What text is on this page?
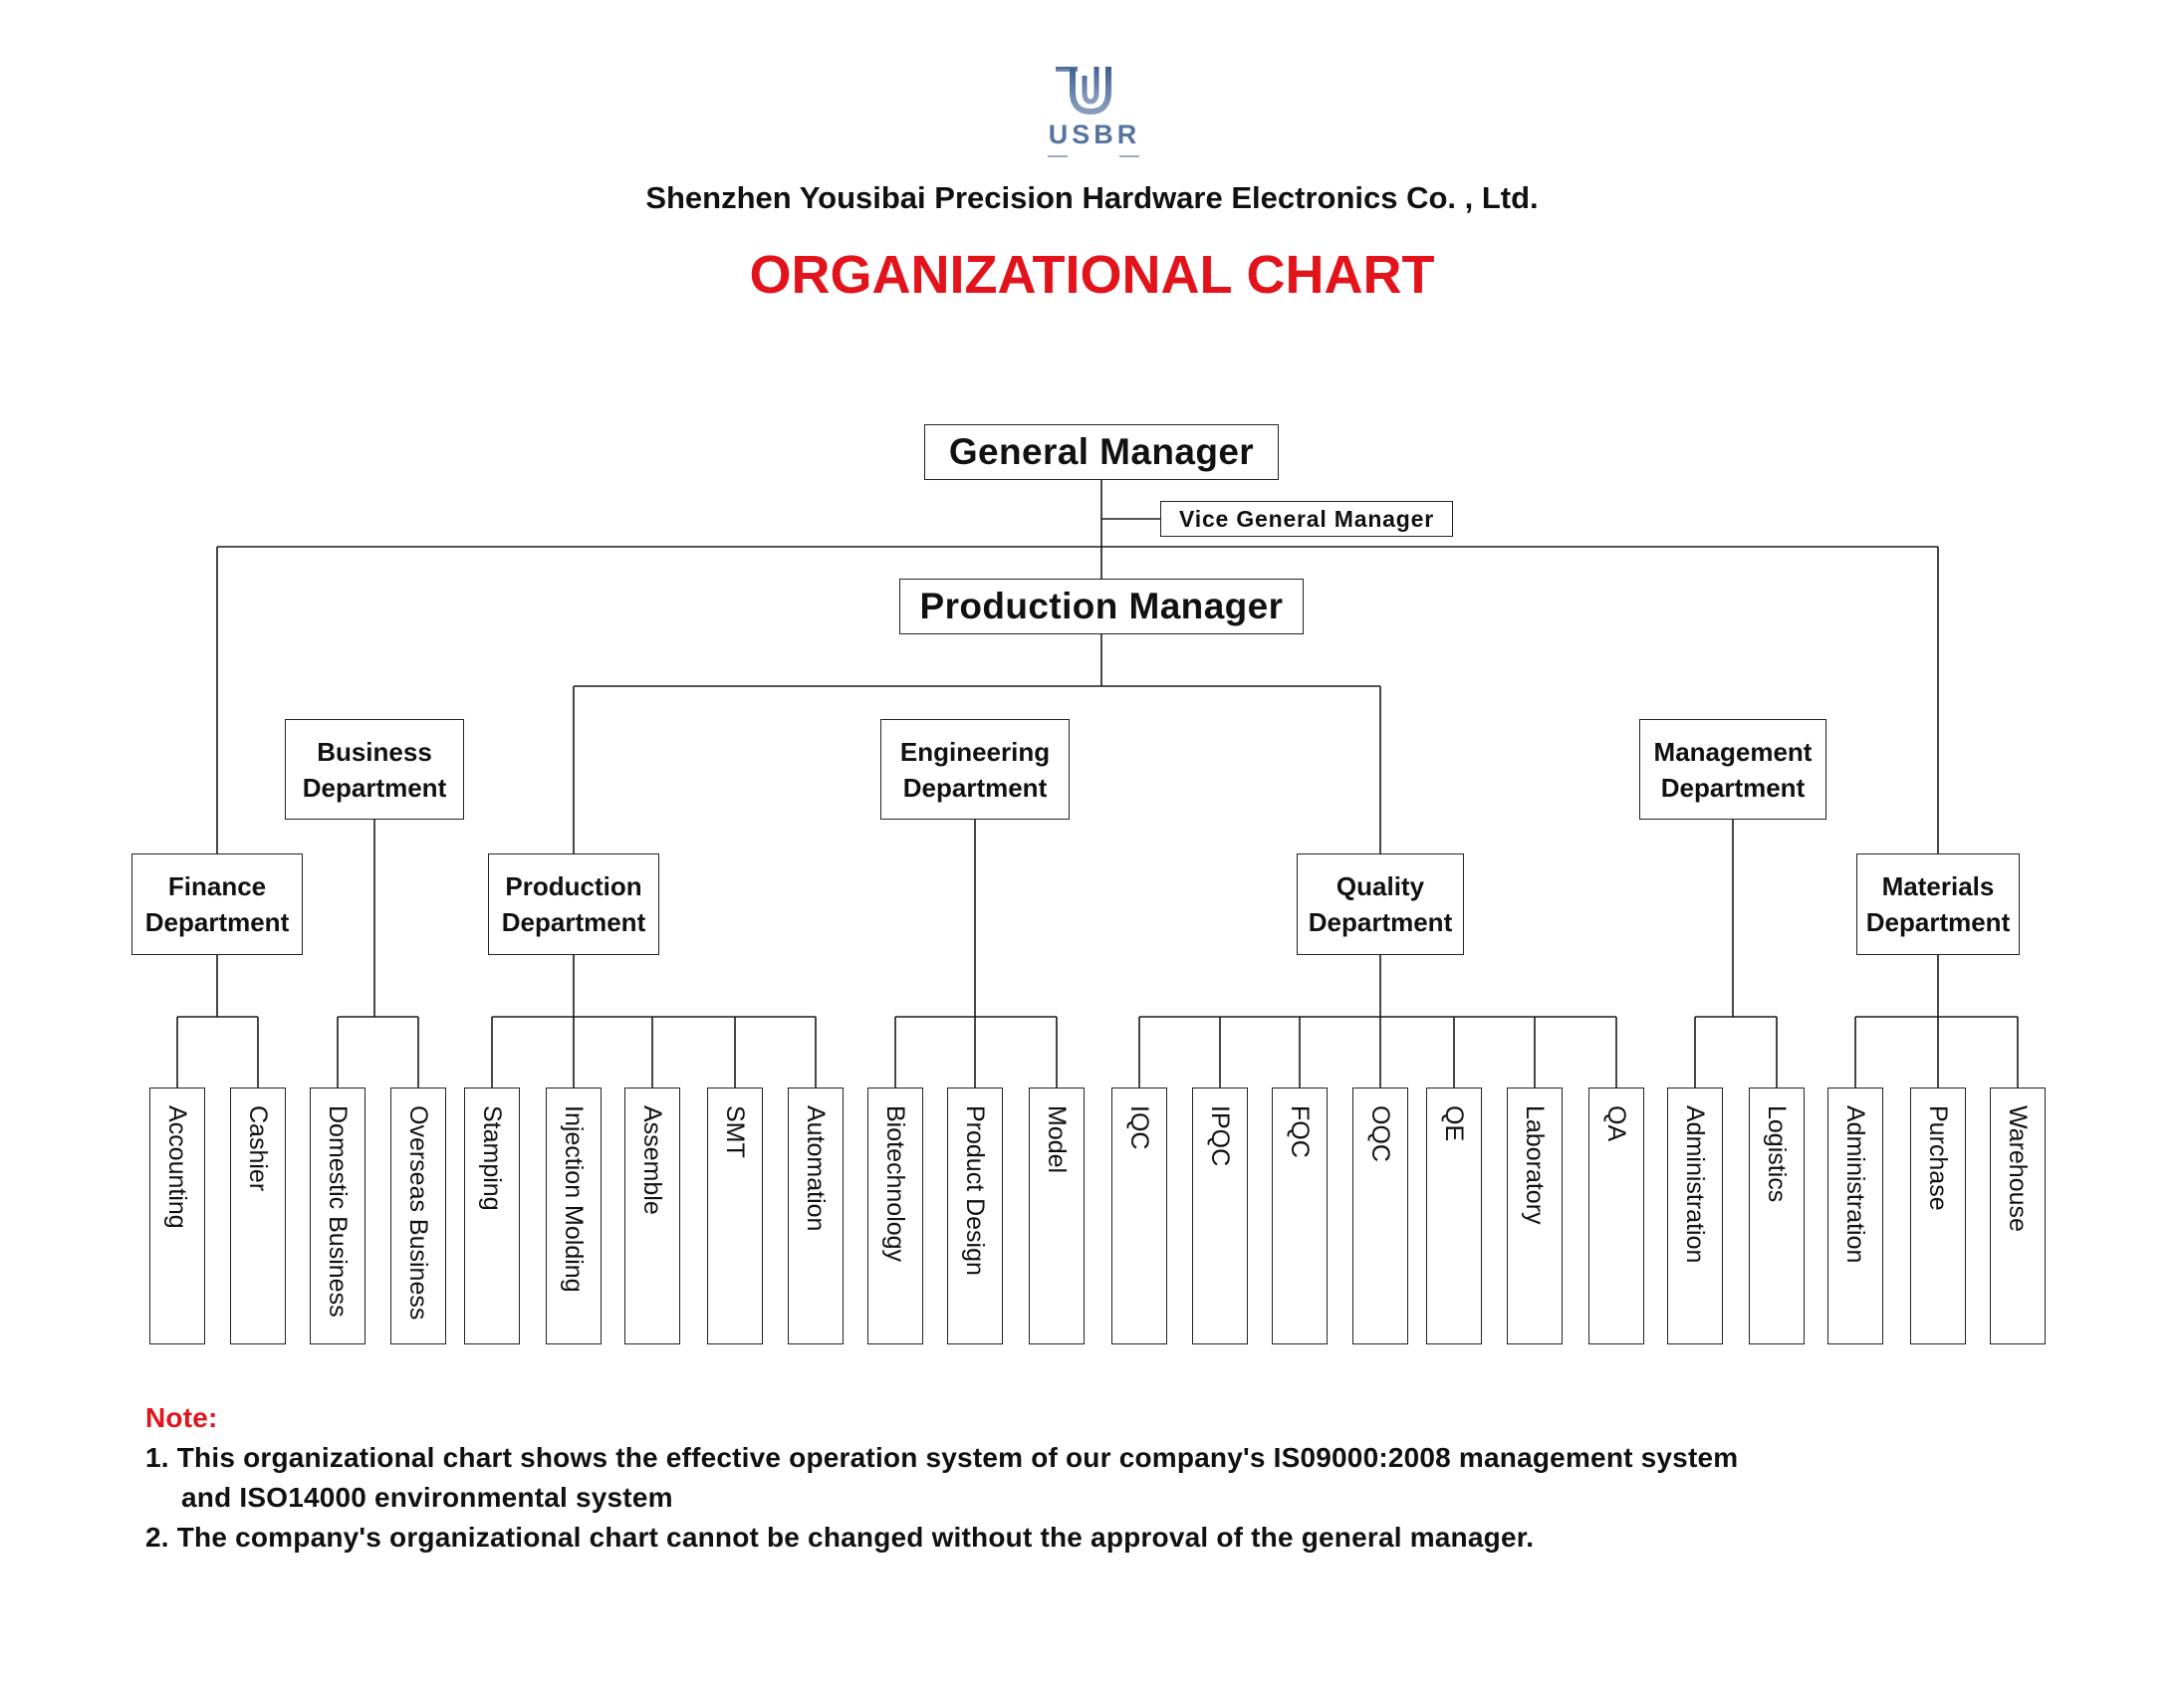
USBR
Shenzhen Yousibai Precision Hardware Electronics Co. , Ltd.
ORGANIZATIONAL CHART
General Manager
Vice General Manager
Production Manager
Finance Department
Business Department
Production Department
Engineering Department
Quality Department
Management Department
Materials Department
Accounting Cashier Domestic Business Overseas Business Stamping Injection Molding Assemble SMT Automation Biotechnology Product Design Model IQC IPQC FQC OQC QE Laboratory QA Administration Logistics Administration Purchase Warehouse
Note:
1. This organizational chart shows the effective operation system of our company's IS09000:2008 management system
and ISO14000 environmental system
2. The company's organizational chart cannot be changed without the approval of the general manager.
